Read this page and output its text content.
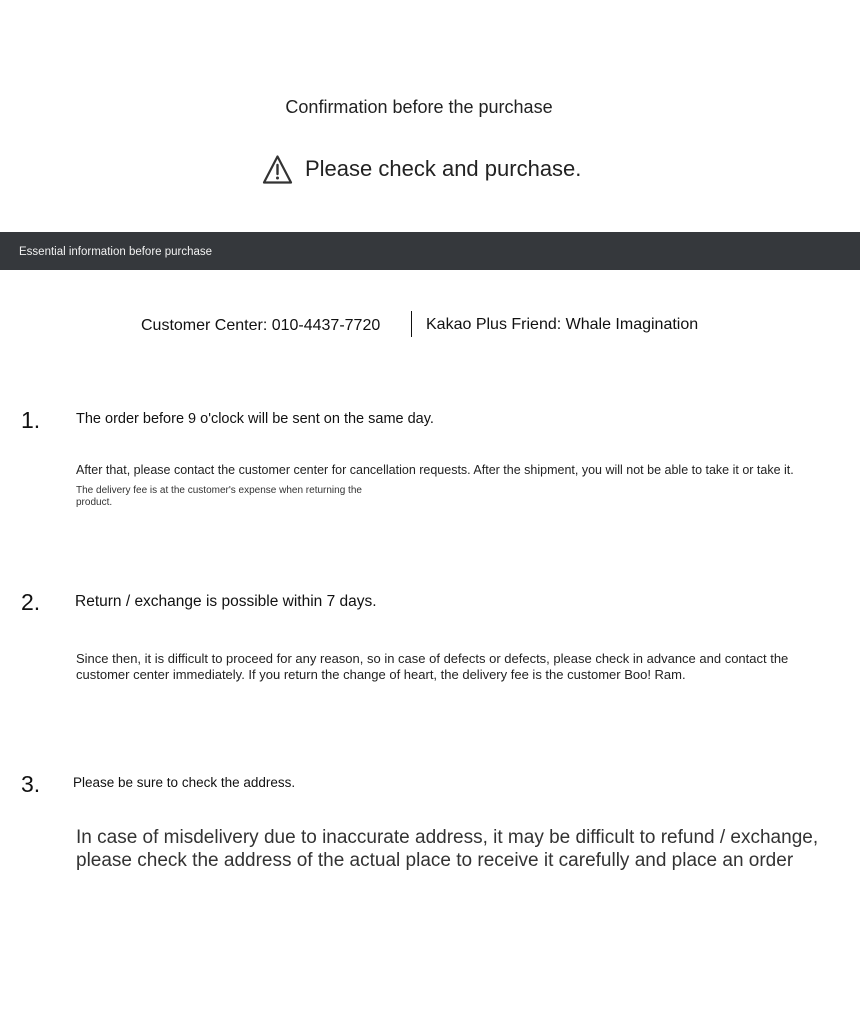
Confirmation before the purchase
Please check and purchase.
Essential information before purchase
Customer Center: 010-4437-7720	Kakao Plus Friend: Whale Imagination
1. The order before 9 o'clock will be sent on the same day.
After that, please contact the customer center for cancellation requests. After the shipment, you will not be able to take it or take it.
The delivery fee is at the customer's expense when returning the product.
2. Return / exchange is possible within 7 days.
Since then, it is difficult to proceed for any reason, so in case of defects or defects, please check in advance and contact the customer center immediately. If you return the change of heart, the delivery fee is the customer Boo! Ram.
3. Please be sure to check the address.
In case of misdelivery due to inaccurate address, it may be difficult to refund / exchange, please check the address of the actual place to receive it carefully and place an order
